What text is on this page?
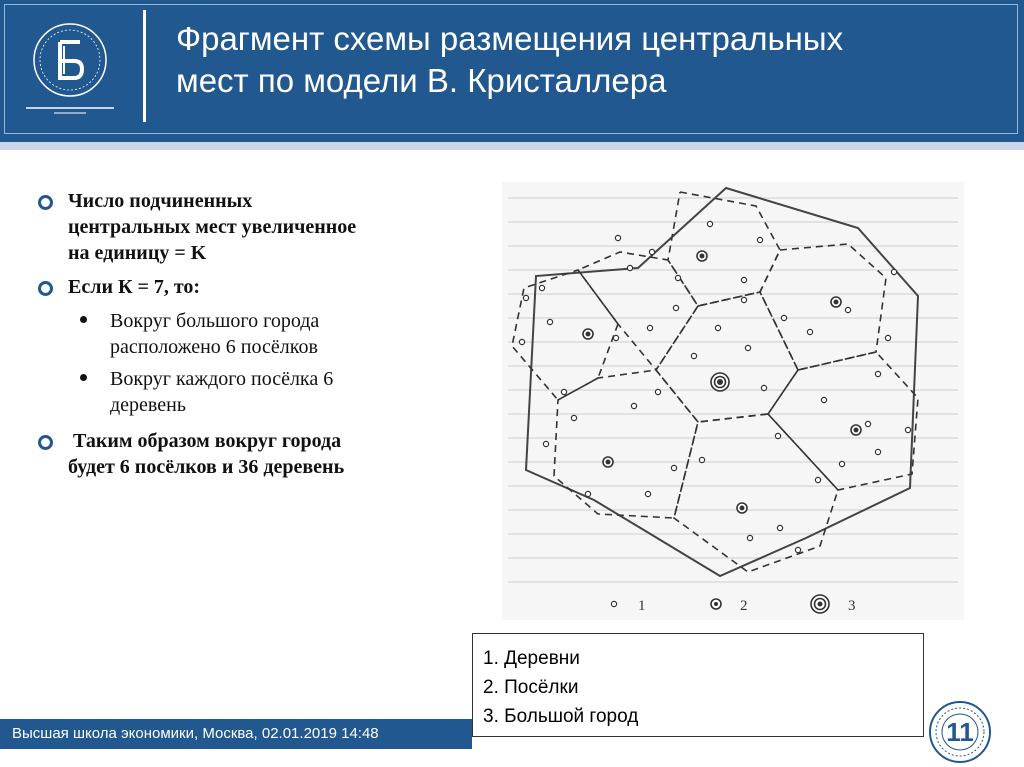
Фрагмент схемы размещения центральных
мест по модели В. Кристаллера
Число подчиненных
центральных мест увеличенное
на единицу = K
Если К = 7, то:
Вокруг большого города
расположено 6 посёлков
Вокруг каждого посёлка 6
деревень
Таким образом вокруг города
будет 6 посёлков и 36 деревень
1	2	3
1. Деревни
2. Посёлки
3. Большой город
Высшая школа экономики, Москва, 02.01.2019 14:48	11
